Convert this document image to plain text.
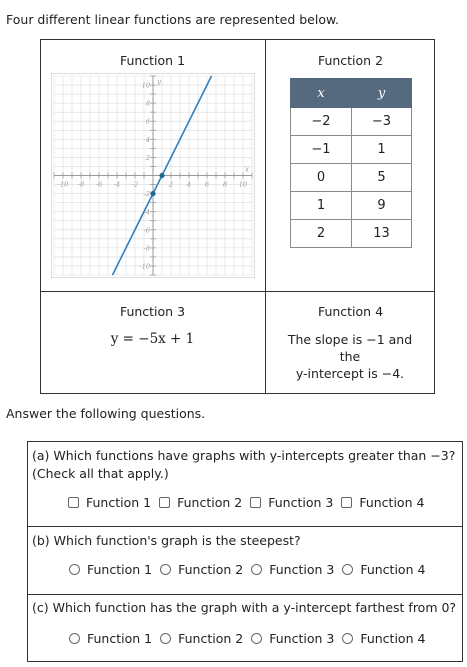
Four different linear functions are represented below.
Function 1	Function 2
-10 -8 -6 -4 -2	2 4 6 8 10
10
8
6
4
2
-2
-4
-6
-8
-10
x
y
x	y
−2	−3
−1	1
0	5
1	9
2	13
Function 3	Function 4
y = −5x + 1	The slope is −1 and
the
y-intercept is −4.
Answer the following questions.
(a) Which functions have graphs with y-intercepts greater than −3?
(Check all that apply.)
Function 1 Function 2 Function 3 Function 4
(b) Which function's graph is the steepest?
Function 1 Function 2 Function 3 Function 4
(c) Which function has the graph with a y-intercept farthest from 0?
Function 1 Function 2 Function 3 Function 4
